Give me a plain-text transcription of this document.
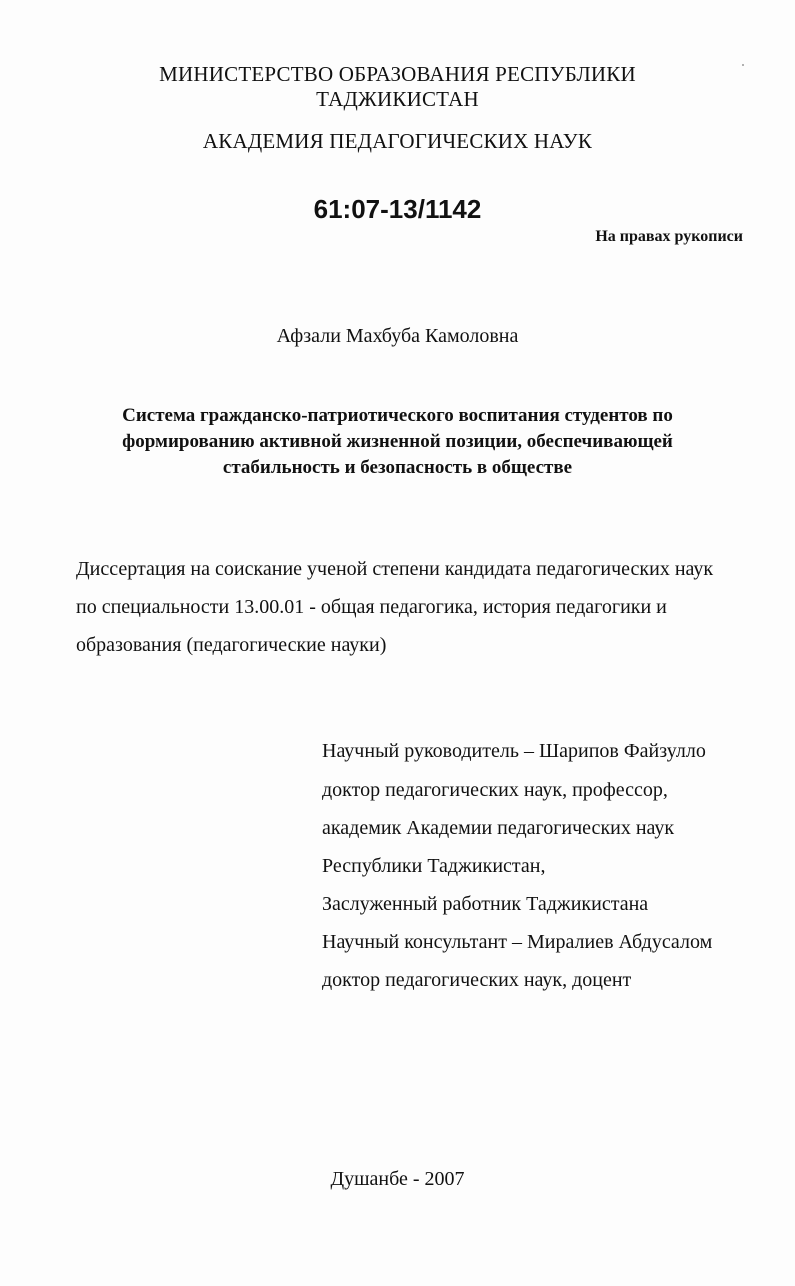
МИНИСТЕРСТВО ОБРАЗОВАНИЯ РЕСПУБЛИКИ
ТАДЖИКИСТАН
АКАДЕМИЯ ПЕДАГОГИЧЕСКИХ НАУК
61:07-13/1142
На правах рукописи
Афзали Махбуба Камоловна
Система гражданско-патриотического воспитания студентов по
формированию активной жизненной позиции, обеспечивающей
стабильность и безопасность в обществе
Диссертация на соискание ученой степени кандидата педагогических наук
по специальности 13.00.01 - общая педагогика, история педагогики и
образования (педагогические науки)
Научный руководитель – Шарипов Файзулло
доктор педагогических наук, профессор,
академик Академии педагогических наук
Республики Таджикистан,
Заслуженный работник Таджикистана
Научный консультант – Миралиев Абдусалом
доктор педагогических наук, доцент
Душанбе - 2007
